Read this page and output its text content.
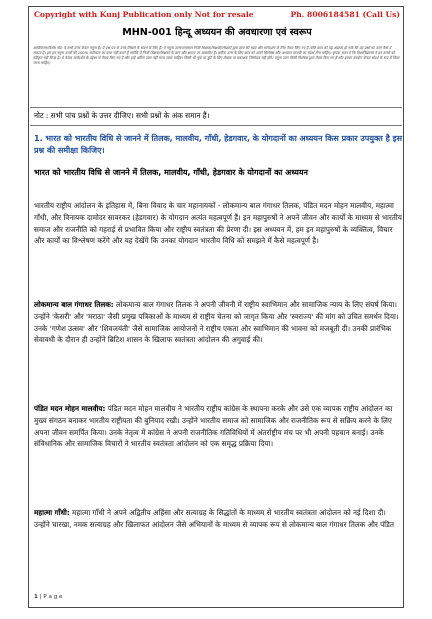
Copyright with Kunj Publication only Not for resale	Ph. 8006184581 (Call Us)
MHN-001 हिन्दू अध्ययन की अवधारणा एवं स्वरूप
अस्वीकरण/विशेष नोट: ये सभी उत्तर केवल नमूना हैं। ये प्रश्न पत्र के उत्तर लिखने के संदर्भ के लिए हैं। ये नमूना उत्तर/समाधान निजी शिक्षक/शिक्षकों/लेखकों द्वारा छात्र की मदद और मार्गदर्शन के लिए तैयार किए गए हैं ताकि छात्र को यह अंदाजा हो सके कि वह प्रश्नों का उत्तर कैसे दे सकता है। हम इन नमूना उत्तरों की 100% सटीकता का दावा नहीं करते हैं क्योंकि ये निजी शिक्षक/शिक्षकों के ज्ञान और क्षमता पर आधारित हैं। सटीक उत्तर के लिए छात्र को अपने सिलेबस और अध्ययन सामग्री का संदर्भ लेना चाहिए। कृपया ध्यान दें कि विश्वविद्यालय ने इन उत्तरों को स्वीकृत नहीं किया है। ये केवल मार्गदर्शन के उद्देश्य से तैयार किए गए हैं और इन्हें अंतिम उत्तर नहीं माना जाना चाहिए। किसी भी चूक या त्रुटि के लिए लेखक या प्रकाशक जिम्मेदार नहीं होंगे। नमूना उत्तर किसी विशेषज्ञ द्वारा तैयार किए गए हैं और इनका उपयोग केवल संदर्भ के रूप में किया जाना चाहिए।
नोट : सभी पांच प्रश्नों के उत्तर दीजिए। सभी प्रश्नों के अंक समान हैं।
1. भारत को भारतीय विधि से जानने में तिलक, मालवीय, गाँधी, हेडगवार, के योगदानों का अध्ययन किस प्रकार उपयुक्त है इस प्रश्न की समीक्षा किजिए।
भारत को भारतीय विधि से जानने में तिलक, मालवीय, गाँधी, हेडगवार के योगदानों का अध्ययन
भारतीय राष्ट्रीय आंदोलन के इतिहास में, बिना विवाद के चार महानायकों - लोकमान्य बाल गंगाधर तिलक, पंडित मदन मोहन मालवीय, महात्मा गाँधी, और विनायक दामोदर सावरकर (हेडगवार) के योगदान अत्यंत महत्वपूर्ण हैं। इन महापुरुषों ने अपने जीवन और कार्यों के माध्यम से भारतीय समाज और राजनीति को गहराई से प्रभावित किया और राष्ट्रीय स्वतंत्रता की प्रेरणा दी। इस अध्ययन में, हम इन महापुरुषों के व्यक्तित्व, विचार और कार्यों का विश्लेषण करेंगे और यह देखेंगे कि उनका योगदान भारतीय विधि को समझने में कैसे महत्वपूर्ण है।
लोकमान्य बाल गंगाधर तिलक: लोकमान्य बाल गंगाधर तिलक ने अपनी जीवनी में राष्ट्रीय स्वाभिमान और सामाजिक न्याय के लिए संघर्ष किया। उन्होंने 'केसरी' और 'मराठा' जैसी प्रमुख पत्रिकाओं के माध्यम से राष्ट्रीय चेतना को जागृत किया और 'स्वराज्य' की मांग को उचित समर्थन दिया। उनके 'गणेश उत्सव' और 'शिवजयंती' जैसे सामाजिक आयोजनों ने राष्ट्रीय एकता और स्वाभिमान की भावना को मजबूती दी। उनकी प्रारंभिक सेवावधी के दौरान ही उन्होंने ब्रिटिश शासन के खिलाफ स्वतंत्रता आंदोलन की अगुवाई की।
पंडित मदन मोहन मालवीय: पंडित मदन मोहन मालवीय ने भारतीय राष्ट्रीय कांग्रेस के स्थापना करके और उसे एक व्यापक राष्ट्रीय आंदोलन का मुख्य संगठन बनाकर भारतीय राष्ट्रीयता की बुनियाद रखी। उन्होंने भारतीय समाज को सामाजिक और राजनीतिक रूप से सक्रिय करने के लिए अपना जीवन समर्पित किया। उनके नेतृत्व में कांग्रेस ने अपनी राजनीतिक गतिविधियों में अंतर्राष्ट्रीय मंच पर भी अपनी पहचान बनाई। उनके संविधानिक और सामाजिक विचारों ने भारतीय स्वतंत्रता आंदोलन को एक समृद्ध प्रक्रिया दिया।
महात्मा गाँधी: महात्मा गाँधी ने अपने अद्वितीय अहिंसा और सत्याग्रह के सिद्धांतों के माध्यम से भारतीय स्वतंत्रता आंदोलन को नई दिशा दी। उन्होंने चारखा, नमक सत्याग्रह और खिलाफत आंदोलन जैसे अभियानों के माध्यम से व्यापक रूप से लोकमान्य बाल गंगाधर तिलक और पंडित
1 | P a g e
